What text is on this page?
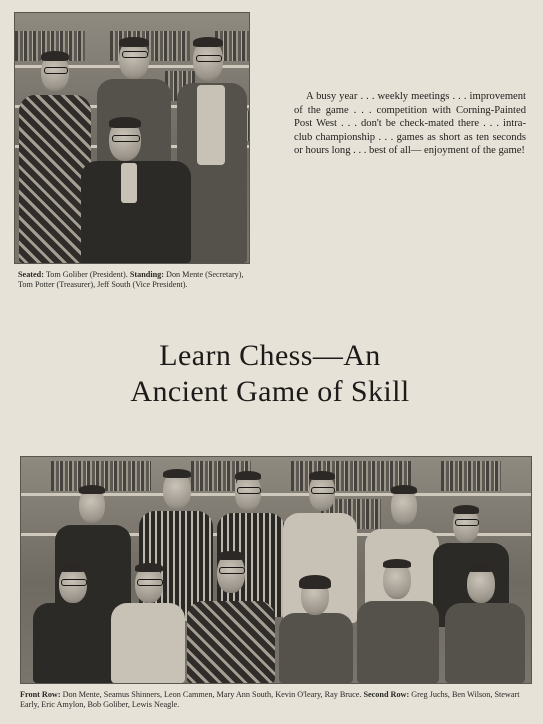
Seated: Tom Goliber (President). Standing: Don Mente (Secretary), Tom Potter (Treasurer), Jeff South (Vice President).
A busy year . . . weekly meetings . . . improvement of the game . . . competition with Corning-Painted Post West . . . don't be check-mated there . . . intra-club championship . . . games as short as ten seconds or hours long . . . best of all— enjoyment of the game!
Learn Chess—An
Ancient Game of Skill
Front Row: Don Mente, Seamus Shinners, Leon Cammen, Mary Ann South, Kevin O'leary, Ray Bruce. Second Row: Greg Juchs, Ben Wilson, Stewart Early, Eric Amylon, Bob Goliber, Lewis Neagle.
